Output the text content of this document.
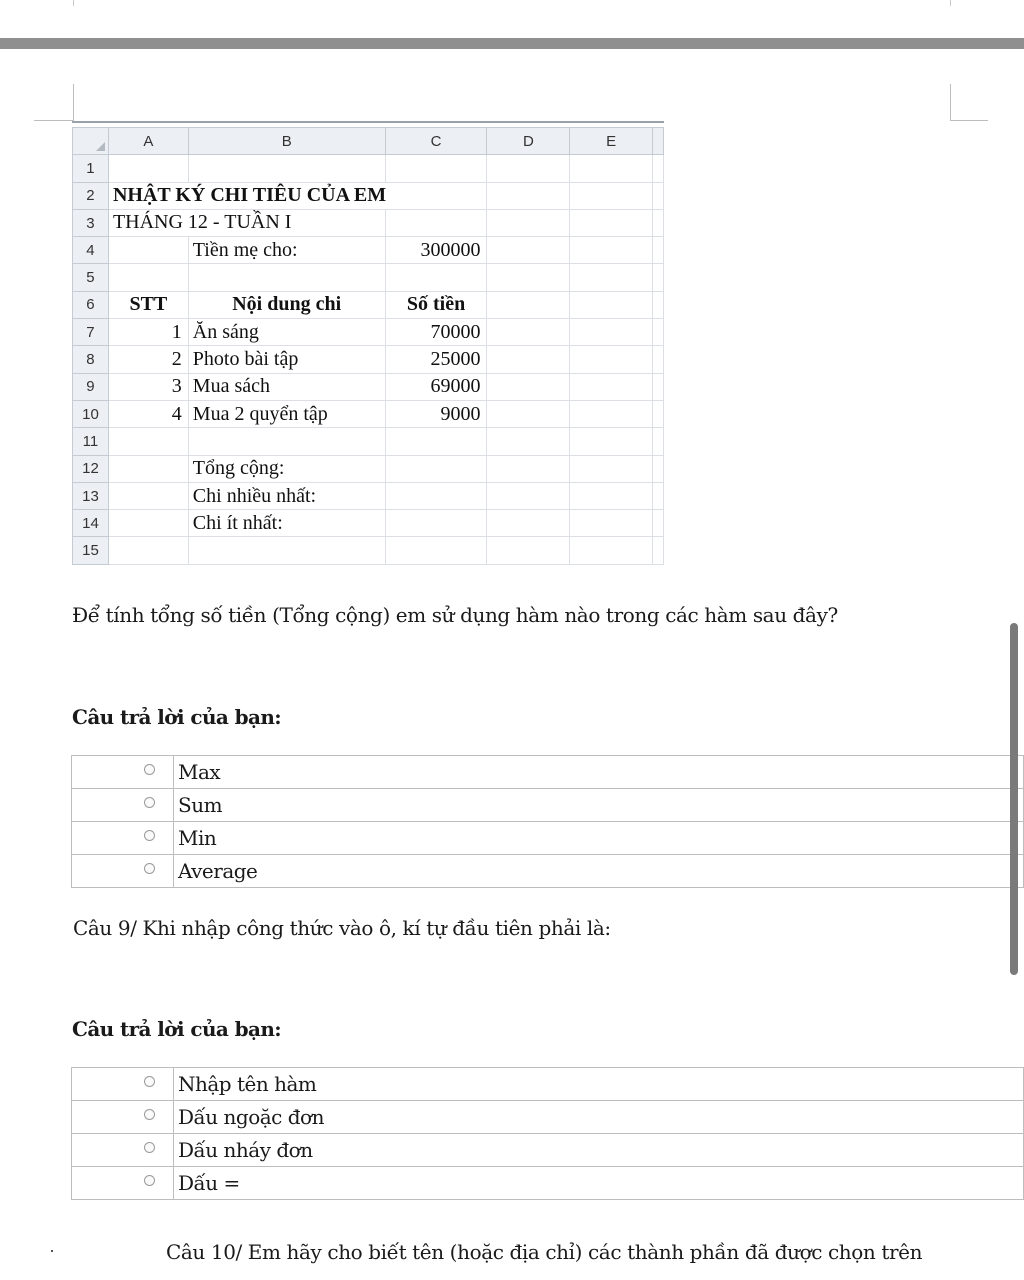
	A	B	C	D	E	
1						
2	NHẬT KÝ CHI TIÊU CỦA EM					

3	THÁNG 12 - TUẦN I					

4		Tiền mẹ cho:	300000			
5						
6	STT	Nội dung chi	Số tiền			
7	1	Ăn sáng	70000			
8	2	Photo bài tập	25000			
9	3	Mua sách	69000			
10	4	Mua 2 quyển tập	9000			
11						
12		Tổng cộng:				
13		Chi nhiều nhất:				
14		Chi ít nhất:				
15						
Để tính tổng số tiền (Tổng cộng) em sử dụng hàm nào trong các hàm sau đây?
Câu trả lời của bạn:
	Max

	Sum

	Min

	Average
Câu 9/ Khi nhập công thức vào ô, kí tự đầu tiên phải là:
Câu trả lời của bạn:
	Nhập tên hàm

	Dấu ngoặc đơn

	Dấu nháy đơn

	Dấu =
Câu 10/ Em hãy cho biết tên (hoặc địa chỉ) các thành phần đã được chọn trên
